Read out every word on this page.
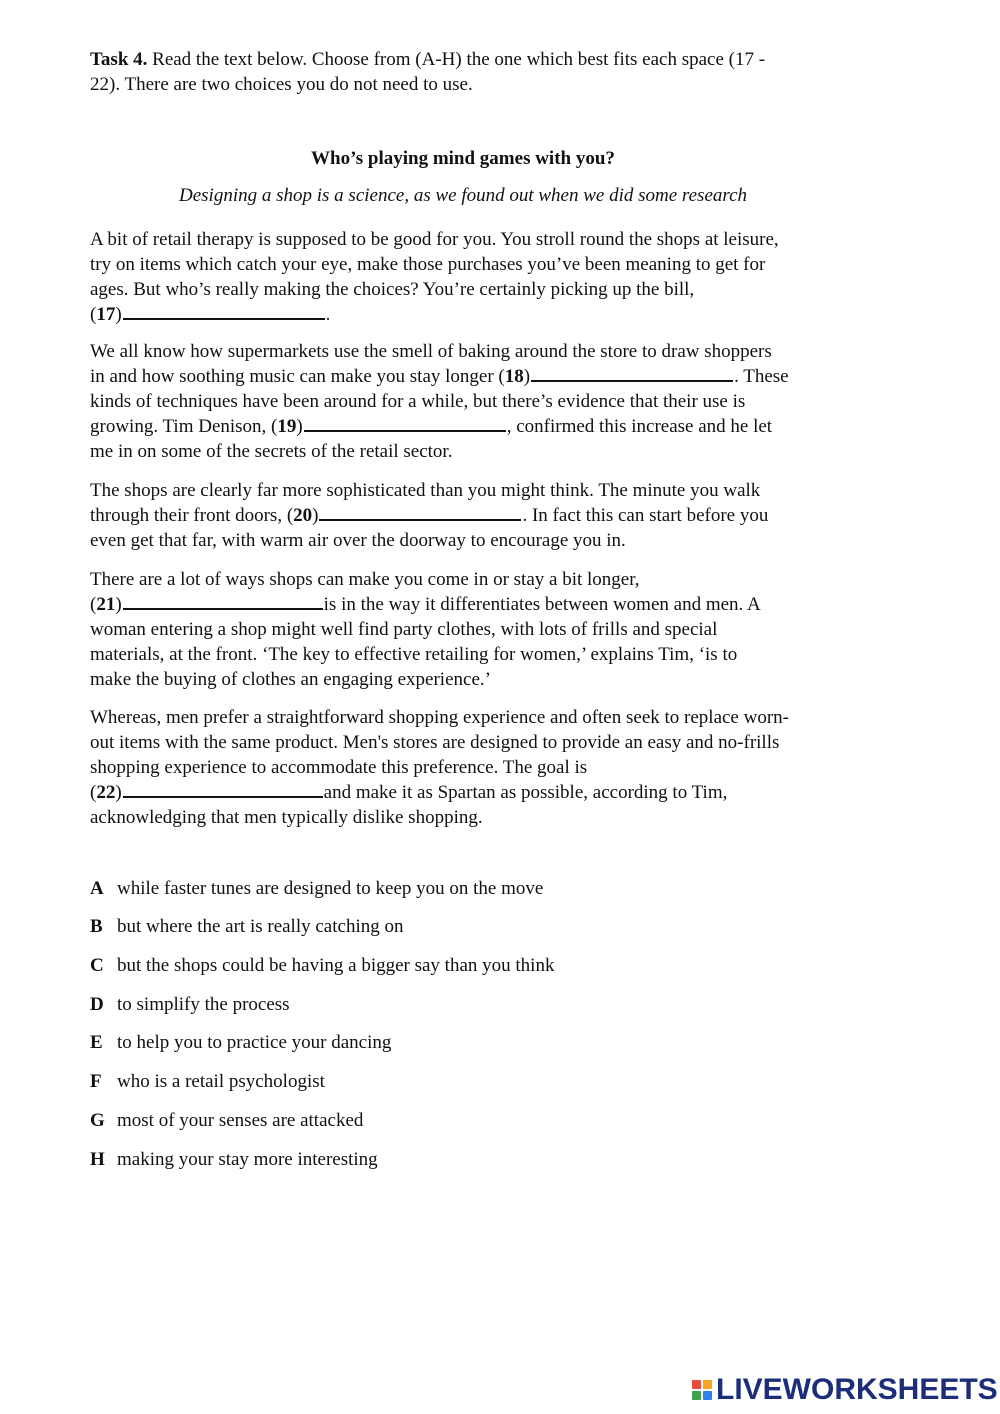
Task 4. Read the text below. Choose from (A-H) the one which best fits each space (17 -
22). There are two choices you do not need to use.
Who’s playing mind games with you?
Designing a shop is a science, as we found out when we did some research
A bit of retail therapy is supposed to be good for you. You stroll round the shops at leisure,
try on items which catch your eye, make those purchases you’ve been meaning to get for
ages. But who’s really making the choices? You’re certainly picking up the bill,
(17)	.
We all know how supermarkets use the smell of baking around the store to draw shoppers
in and how soothing music can make you stay longer (18)	. These
kinds of techniques have been around for a while, but there’s evidence that their use is
growing. Tim Denison, (19)	, confirmed this increase and he let
me in on some of the secrets of the retail sector.
The shops are clearly far more sophisticated than you might think. The minute you walk
through their front doors, (20)	. In fact this can start before you
even get that far, with warm air over the doorway to encourage you in.
There are a lot of ways shops can make you come in or stay a bit longer,
(21)	is in the way it differentiates between women and men. A
woman entering a shop might well find party clothes, with lots of frills and special
materials, at the front. ‘The key to effective retailing for women,’ explains Tim, ‘is to
make the buying of clothes an engaging experience.’
Whereas, men prefer a straightforward shopping experience and often seek to replace worn-
out items with the same product. Men's stores are designed to provide an easy and no-frills
shopping experience to accommodate this preference. The goal is
(22)	and make it as Spartan as possible, according to Tim,
acknowledging that men typically dislike shopping.
A while faster tunes are designed to keep you on the move
B but where the art is really catching on
C but the shops could be having a bigger say than you think
D to simplify the process
E to help you to practice your dancing
F who is a retail psychologist
G most of your senses are attacked
H making your stay more interesting
LIVEWORKSHEETS
